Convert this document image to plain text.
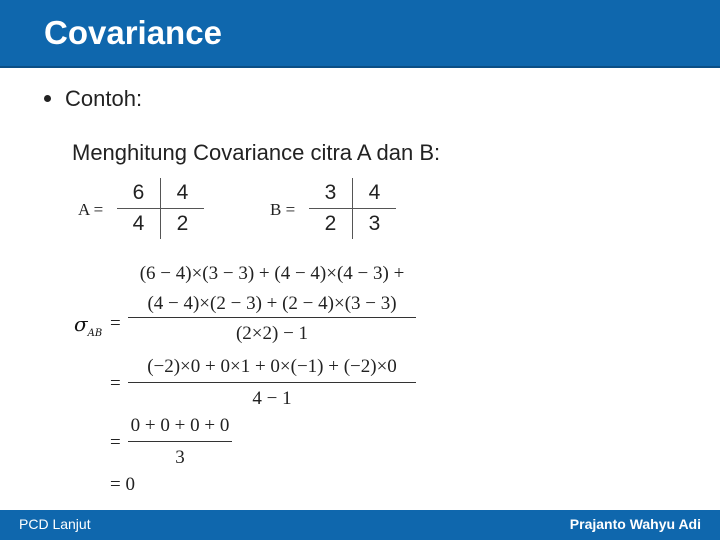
Covariance
Contoh:
Menghitung Covariance citra A dan B:
A =
6	4
4	2
B =
3	4
2	3
$\sigma_{AB}$ =
(6 − 4)×(3 − 3) + (4 − 4)×(4 − 3) +
(4 − 4)×(2 − 3) + (2 − 4)×(3 − 3)
(2×2) − 1
= $\frac{(-2)\times 0 + 0\times 1 + 0\times(-1) + (-2)\times 0}{4 - 1}$
= $\frac{0 + 0 + 0 + 0}{3}$
= 0
PCD Lanjut	Prajanto Wahyu Adi
